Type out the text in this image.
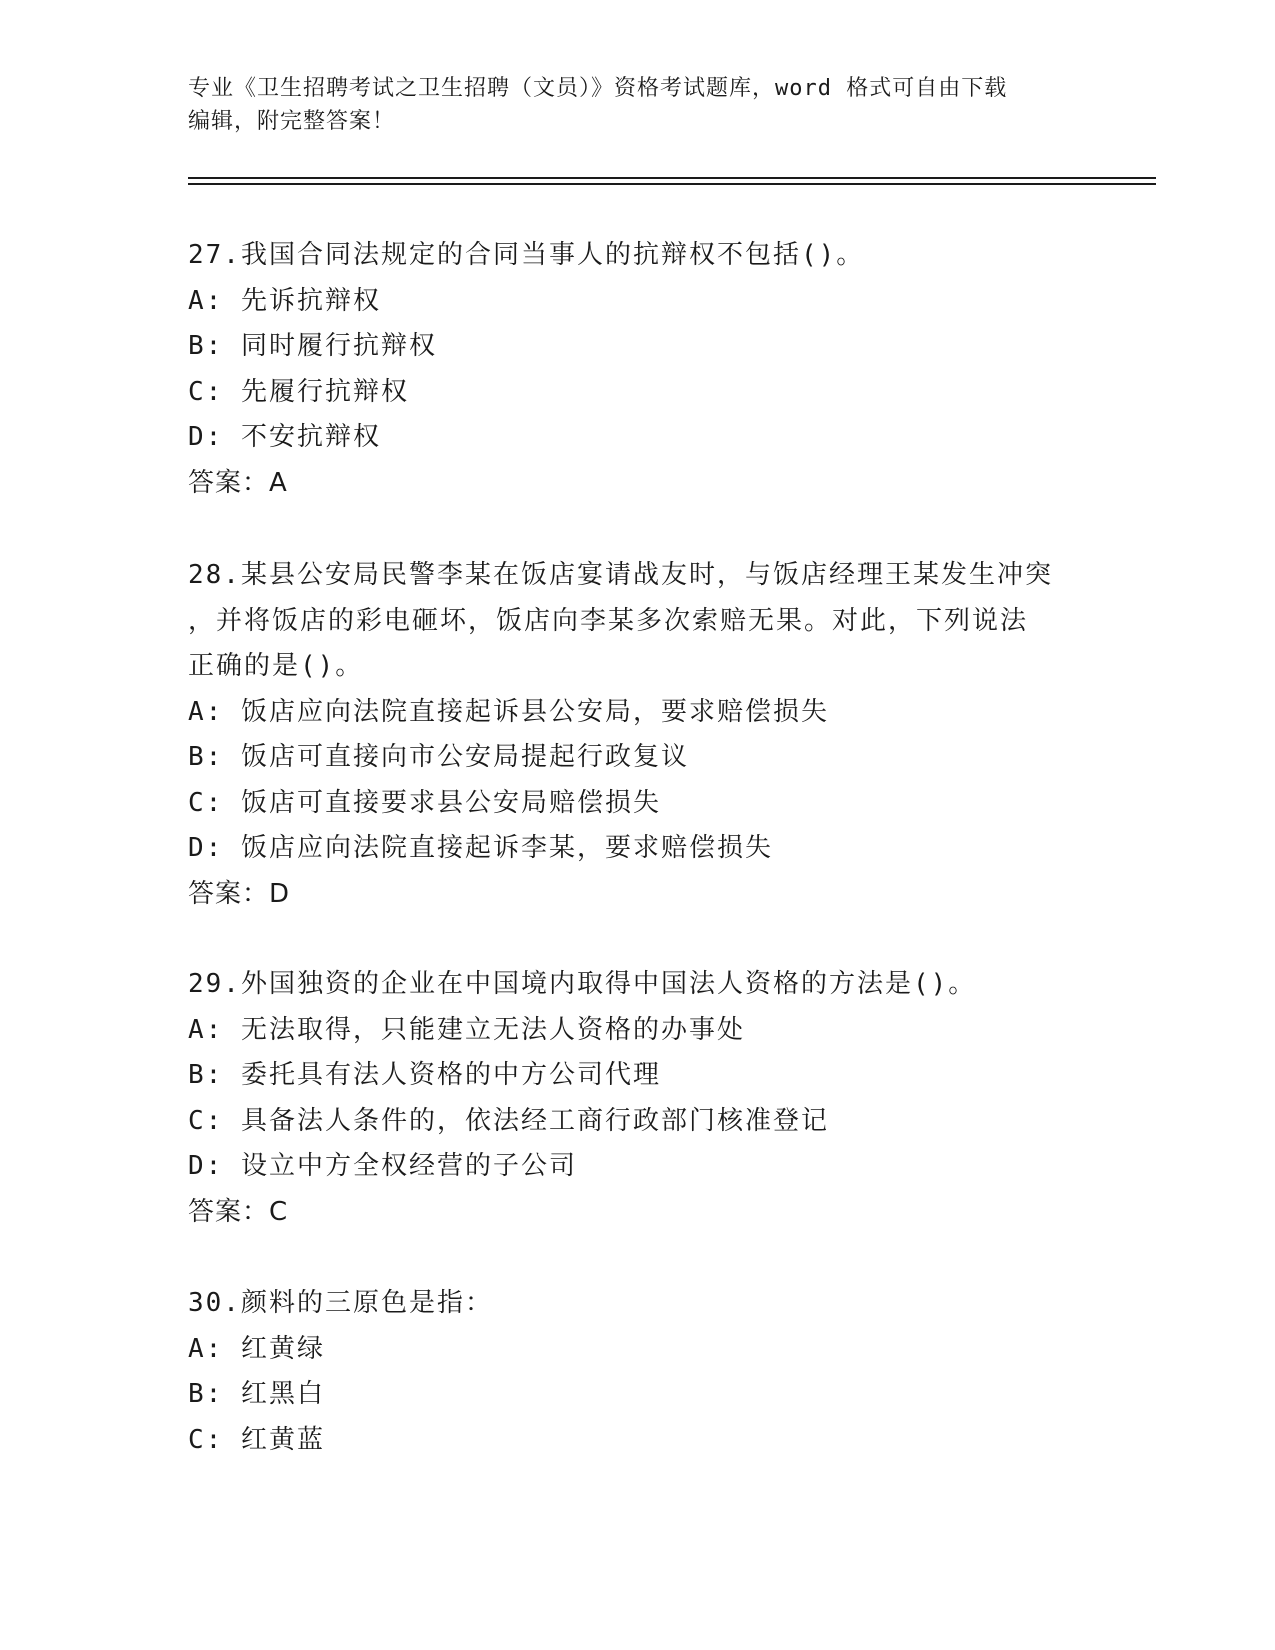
专业《卫生招聘考试之卫生招聘（文员）》资格考试题库，word 格式可自由下载
编辑，附完整答案！
27.我国合同法规定的合同当事人的抗辩权不包括()。
A: 先诉抗辩权
B: 同时履行抗辩权
C: 先履行抗辩权
D: 不安抗辩权
答案：A
28.某县公安局民警李某在饭店宴请战友时，与饭店经理王某发生冲突
，并将饭店的彩电砸坏，饭店向李某多次索赔无果。对此，下列说法
正确的是()。
A: 饭店应向法院直接起诉县公安局，要求赔偿损失
B: 饭店可直接向市公安局提起行政复议
C: 饭店可直接要求县公安局赔偿损失
D: 饭店应向法院直接起诉李某，要求赔偿损失
答案：D
29.外国独资的企业在中国境内取得中国法人资格的方法是()。
A: 无法取得，只能建立无法人资格的办事处
B: 委托具有法人资格的中方公司代理
C: 具备法人条件的，依法经工商行政部门核准登记
D: 设立中方全权经营的子公司
答案：C
30.颜料的三原色是指：
A: 红黄绿
B: 红黑白
C: 红黄蓝
